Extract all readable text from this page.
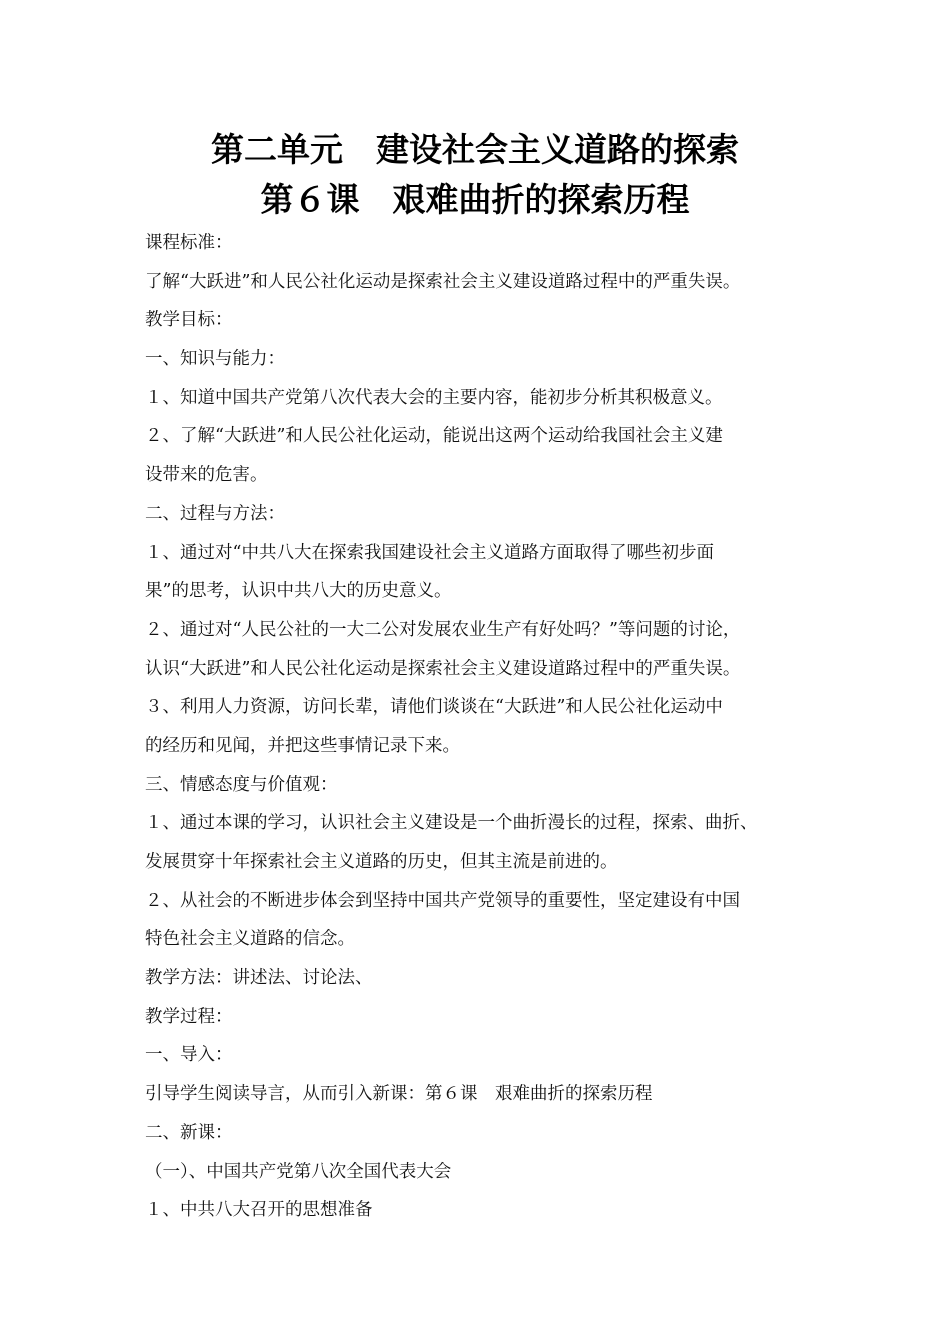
第二单元　建设社会主义道路的探索
第６课　艰难曲折的探索历程
课程标准：
了解“大跃进”和人民公社化运动是探索社会主义建设道路过程中的严重失误。
教学目标：
一、知识与能力：
１、知道中国共产党第八次代表大会的主要内容，能初步分析其积极意义。
２、了解“大跃进”和人民公社化运动，能说出这两个运动给我国社会主义建
设带来的危害。
二、过程与方法：
１、通过对“中共八大在探索我国建设社会主义道路方面取得了哪些初步面
果”的思考，认识中共八大的历史意义。
２、通过对“人民公社的一大二公对发展农业生产有好处吗？”等问题的讨论，
认识“大跃进”和人民公社化运动是探索社会主义建设道路过程中的严重失误。
３、利用人力资源，访问长辈，请他们谈谈在“大跃进”和人民公社化运动中
的经历和见闻，并把这些事情记录下来。
三、情感态度与价值观：
１、通过本课的学习，认识社会主义建设是一个曲折漫长的过程，探索、曲折、
发展贯穿十年探索社会主义道路的历史，但其主流是前进的。
２、从社会的不断进步体会到坚持中国共产党领导的重要性，坚定建设有中国
特色社会主义道路的信念。
教学方法：讲述法、讨论法、
教学过程：
一、导入：
引导学生阅读导言，从而引入新课：第６课　艰难曲折的探索历程
二、新课：
（一）、中国共产党第八次全国代表大会
１、中共八大召开的思想准备
